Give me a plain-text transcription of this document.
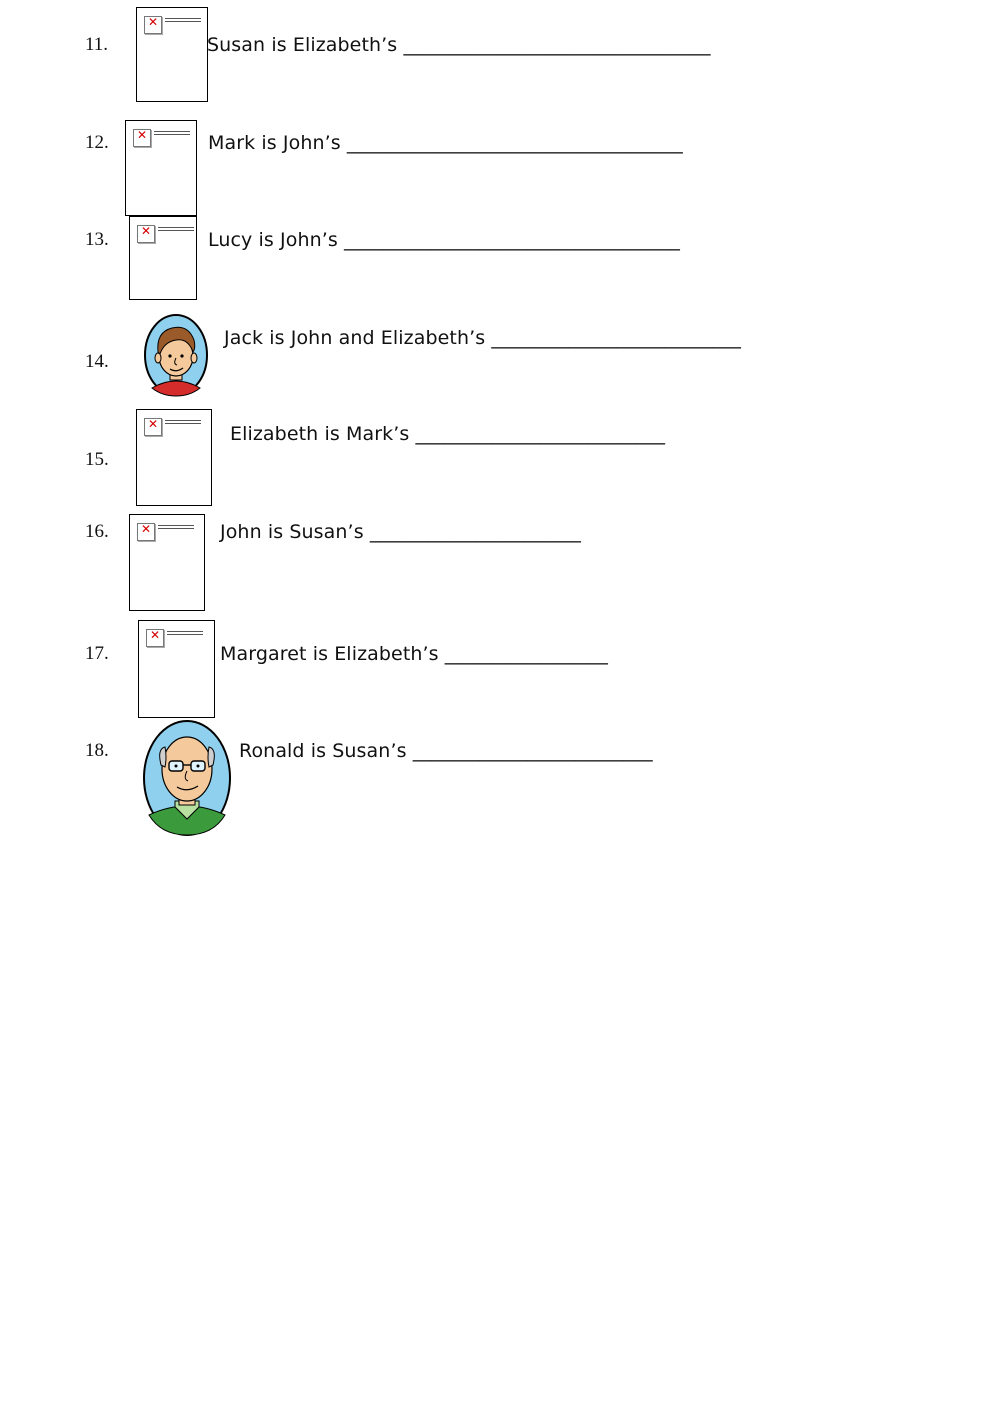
11.
✕
Susan is Elizabeth’s ________________________________
12. ✕	Mark is John’s ___________________________________
13.	✕	Lucy is John’s ___________________________________
14.
Jack is John and Elizabeth’s __________________________
15.
✕	Elizabeth is Mark’s __________________________
16.	✕	John is Susan’s ______________________
17.
✕
Margaret is Elizabeth’s _________________
18.	Ronald is Susan’s _________________________
